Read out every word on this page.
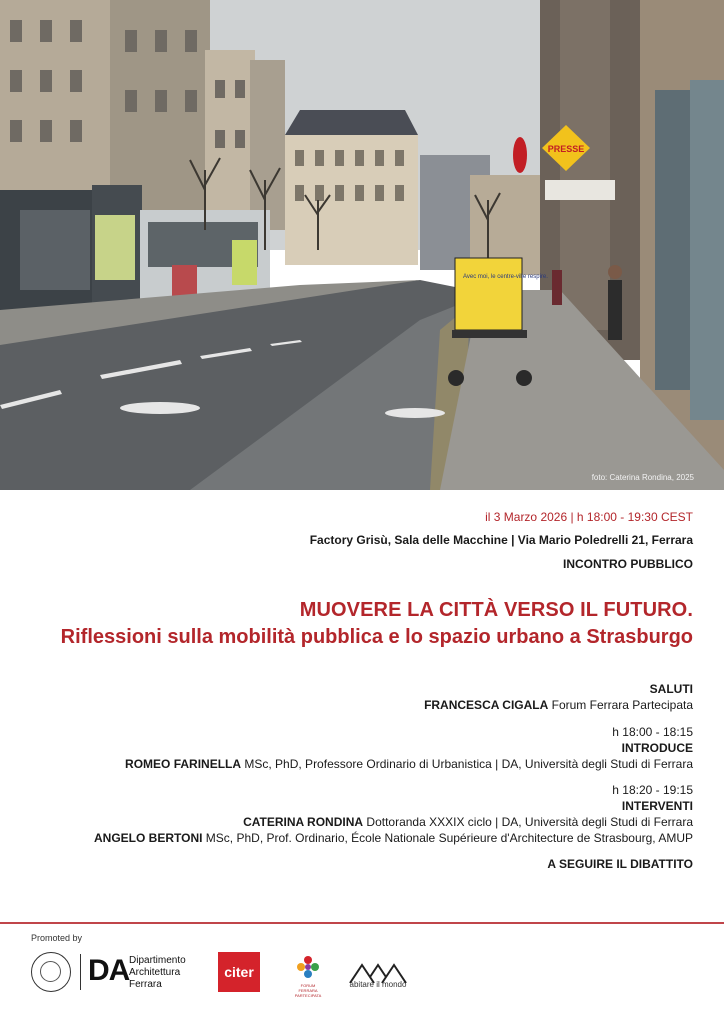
PRESSE
Avec moi, le centre-ville respire.
foto: Caterina Rondina, 2025
il 3 Marzo 2026 | h 18:00 - 19:30 CEST
Factory Grisù, Sala delle Macchine | Via Mario Poledrelli 21, Ferrara
INCONTRO PUBBLICO
MUOVERE LA CITTÀ VERSO IL FUTURO.
Riflessioni sulla mobilità pubblica e lo spazio urbano a Strasburgo
SALUTI
FRANCESCA CIGALA Forum Ferrara Partecipata
h 18:00 - 18:15
INTRODUCE
ROMEO FARINELLA MSc, PhD, Professore Ordinario di Urbanistica | DA, Università degli Studi di Ferrara
h 18:20 - 19:15
INTERVENTI
CATERINA RONDINA Dottoranda XXXIX ciclo | DA, Università degli Studi di Ferrara
ANGELO BERTONI MSc, PhD, Prof. Ordinario, École Nationale Supérieure d'Architecture de Strasbourg, AMUP
A SEGUIRE IL DIBATTITO
Promoted by
DA Dipartimento
Architettura
Ferrara
citer
FORUM FERRARA PARTECIPATA
abitare il mondo
